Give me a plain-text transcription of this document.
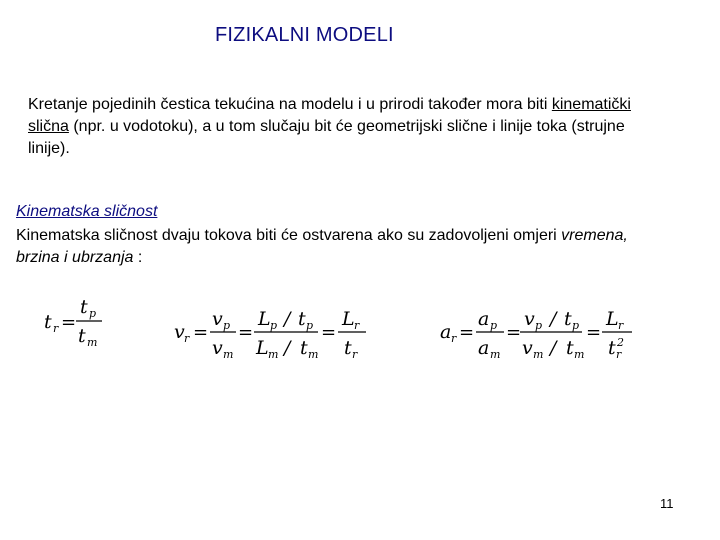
FIZIKALNI MODELI
Kretanje pojedinih čestica tekućina na modelu i u prirodi također mora biti kinematički slična (npr. u vodotoku), a u tom slučaju bit će geometrijski slične i linije toka (strujne linije).
Kinematska sličnost
Kinematska sličnost dvaju tokova biti će ostvarena ako su zadovoljeni omjeri vremena,
brzina i ubrzanja :
t r =
t p
t m	v r =
v p
v m
=
L p / t p
L m / t m
=
L r
t r
a r =
a p
a m
=
v p / t p
v m / t m
=
L r
t r
2
11
